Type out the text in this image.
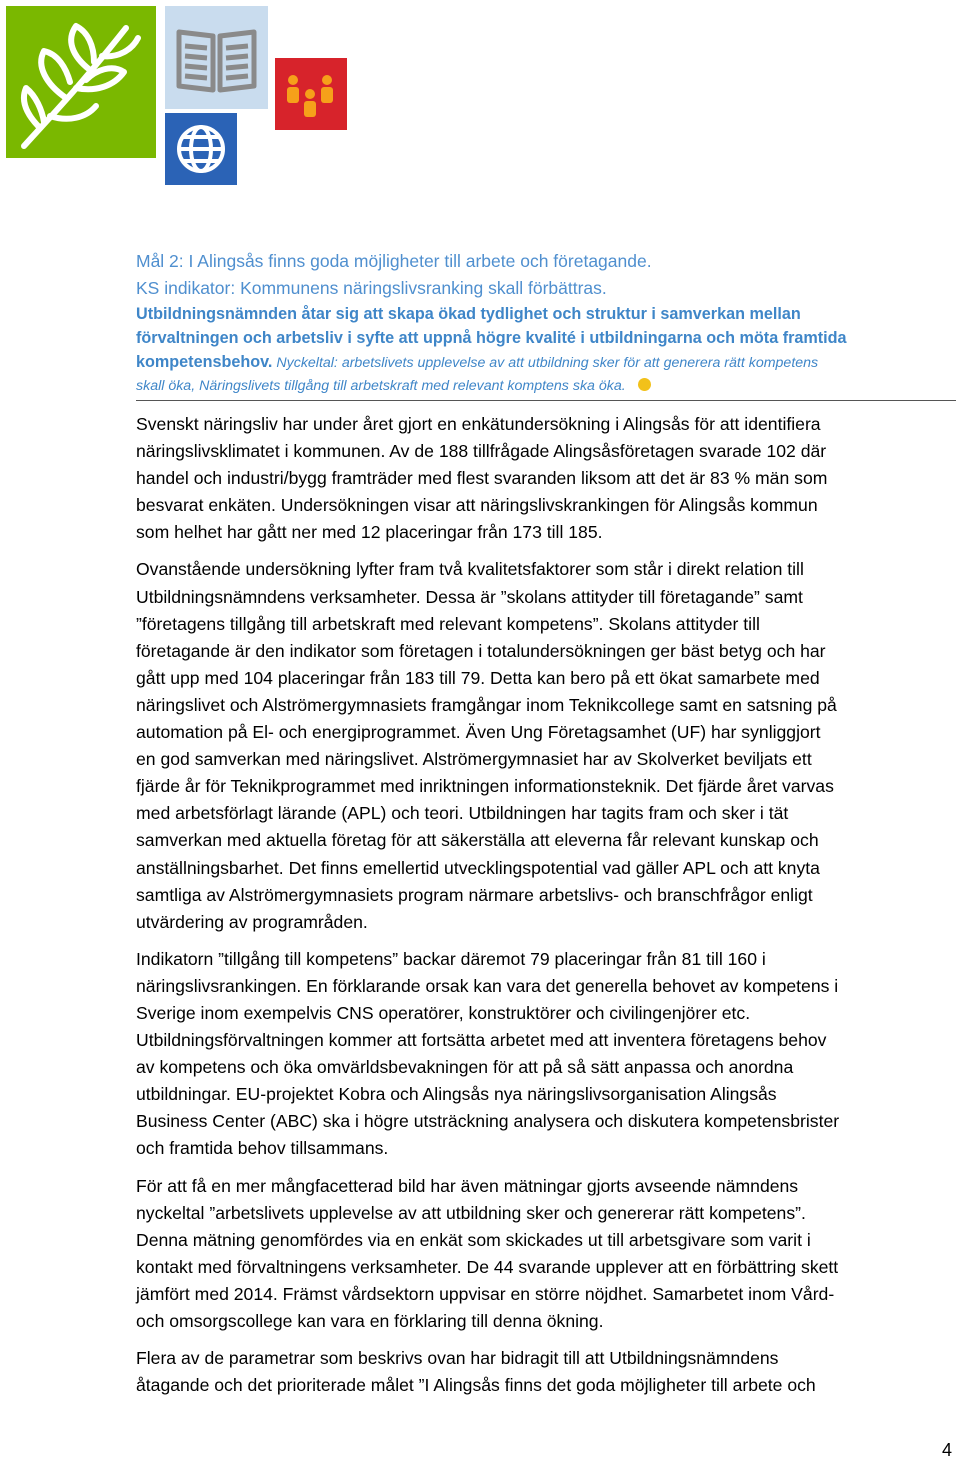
Mål 2: I Alingsås finns goda möjligheter till arbete och företagande.
KS indikator: Kommunens näringslivsranking skall förbättras.
Utbildningsnämnden åtar sig att skapa ökad tydlighet och struktur i samverkan mellan
förvaltningen och arbetsliv i syfte att uppnå högre kvalité i utbildningarna och möta framtida
kompetensbehov. Nyckeltal: arbetslivets upplevelse av att utbildning sker för att generera rätt kompetens
skall öka, Näringslivets tillgång till arbetskraft med relevant komptens ska öka.
Svenskt näringsliv har under året gjort en enkätundersökning i Alingsås för att identifiera
näringslivsklimatet i kommunen. Av de 188 tillfrågade Alingsåsföretagen svarade 102 där
handel och industri/bygg framträder med flest svaranden liksom att det är 83 % män som
besvarat enkäten. Undersökningen visar att näringslivskrankingen för Alingsås kommun
som helhet har gått ner med 12 placeringar från 173 till 185.
Ovanstående undersökning lyfter fram två kvalitetsfaktorer som står i direkt relation till
Utbildningsnämndens verksamheter. Dessa är ”skolans attityder till företagande” samt
”företagens tillgång till arbetskraft med relevant kompetens”. Skolans attityder till
företagande är den indikator som företagen i totalundersökningen ger bäst betyg och har
gått upp med 104 placeringar från 183 till 79. Detta kan bero på ett ökat samarbete med
näringslivet och Alströmergymnasiets framgångar inom Teknikcollege samt en satsning på
automation på El- och energiprogrammet. Även Ung Företagsamhet (UF) har synliggjort
en god samverkan med näringslivet. Alströmergymnasiet har av Skolverket beviljats ett
fjärde år för Teknikprogrammet med inriktningen informationsteknik. Det fjärde året varvas
med arbetsförlagt lärande (APL) och teori. Utbildningen har tagits fram och sker i tät
samverkan med aktuella företag för att säkerställa att eleverna får relevant kunskap och
anställningsbarhet. Det finns emellertid utvecklingspotential vad gäller APL och att knyta
samtliga av Alströmergymnasiets program närmare arbetslivs- och branschfrågor enligt
utvärdering av programråden.
Indikatorn ”tillgång till kompetens” backar däremot 79 placeringar från 81 till 160 i
näringslivsrankingen. En förklarande orsak kan vara det generella behovet av kompetens i
Sverige inom exempelvis CNS operatörer, konstruktörer och civilingenjörer etc.
Utbildningsförvaltningen kommer att fortsätta arbetet med att inventera företagens behov
av kompetens och öka omvärldsbevakningen för att på så sätt anpassa och anordna
utbildningar. EU-projektet Kobra och Alingsås nya näringslivsorganisation Alingsås
Business Center (ABC) ska i högre utsträckning analysera och diskutera kompetensbrister
och framtida behov tillsammans.
För att få en mer mångfacetterad bild har även mätningar gjorts avseende nämndens
nyckeltal ”arbetslivets upplevelse av att utbildning sker och genererar rätt kompetens”.
Denna mätning genomfördes via en enkät som skickades ut till arbetsgivare som varit i
kontakt med förvaltningens verksamheter. De 44 svarande upplever att en förbättring skett
jämfört med 2014. Främst vårdsektorn uppvisar en större nöjdhet. Samarbetet inom Vård-
och omsorgscollege kan vara en förklaring till denna ökning.
Flera av de parametrar som beskrivs ovan har bidragit till att Utbildningsnämndens
åtagande och det prioriterade målet ”I Alingsås finns det goda möjligheter till arbete och
4
